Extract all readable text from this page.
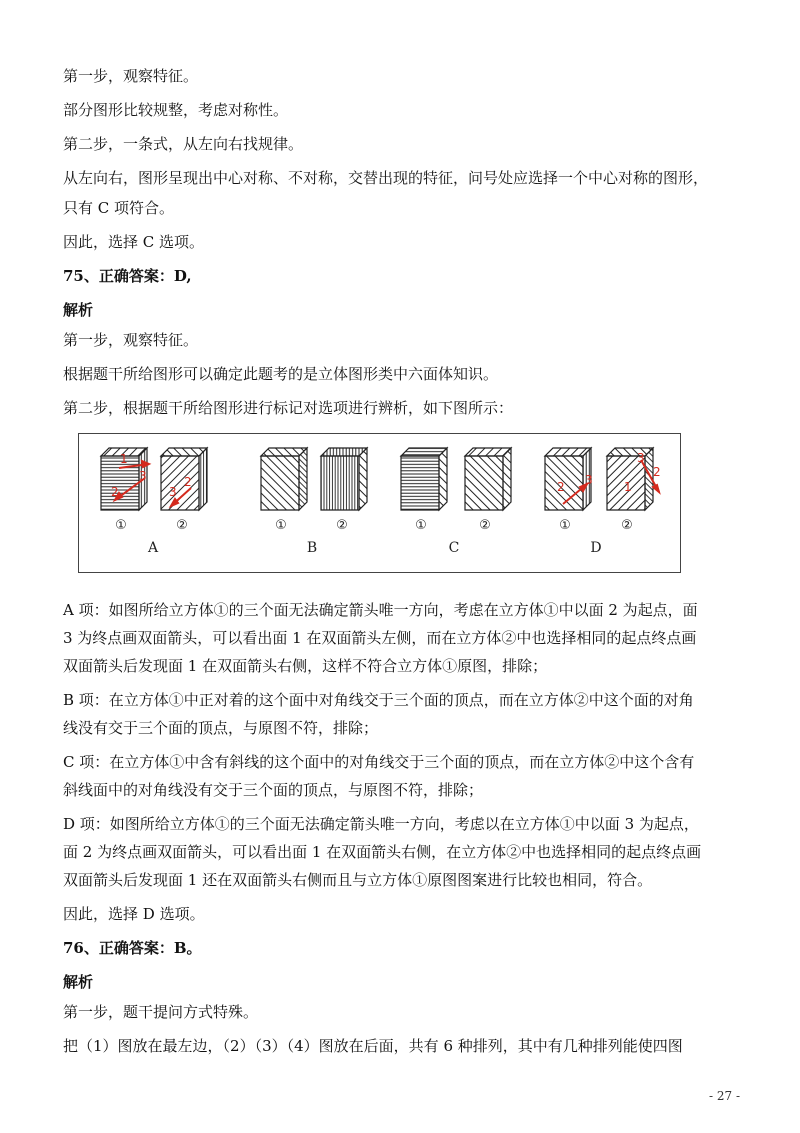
第一步，观察特征。
部分图形比较规整，考虑对称性。
第二步，一条式，从左向右找规律。
从左向右，图形呈现出中心对称、不对称，交替出现的特征，问号处应选择一个中心对称的图形，
只有 C 项符合。
因此，选择 C 选项。
75、正确答案：D,
解析
第一步，观察特征。
根据题干所给图形可以确定此题考的是立体图形类中六面体知识。
第二步，根据题干所给图形进行标记对选项进行辨析，如下图所示：
1
2
3	2
3	2 3
3
1
2
①	②	①	②	①	②	①	②
A	B	C	D
A 项：如图所给立方体①的三个面无法确定箭头唯一方向，考虑在立方体①中以面 2 为起点，面
3 为终点画双面箭头，可以看出面 1 在双面箭头左侧，而在立方体②中也选择相同的起点终点画
双面箭头后发现面 1 在双面箭头右侧，这样不符合立方体①原图，排除；
B 项：在立方体①中正对着的这个面中对角线交于三个面的顶点，而在立方体②中这个面的对角
线没有交于三个面的顶点，与原图不符，排除；
C 项：在立方体①中含有斜线的这个面中的对角线交于三个面的顶点，而在立方体②中这个含有
斜线面中的对角线没有交于三个面的顶点，与原图不符，排除；
D 项：如图所给立方体①的三个面无法确定箭头唯一方向，考虑以在立方体①中以面 3 为起点，
面 2 为终点画双面箭头，可以看出面 1 在双面箭头右侧，在立方体②中也选择相同的起点终点画
双面箭头后发现面 1 还在双面箭头右侧而且与立方体①原图图案进行比较也相同，符合。
因此，选择 D 选项。
76、正确答案：B。
解析
第一步，题干提问方式特殊。
把（1）图放在最左边，（2）（3）（4）图放在后面，共有 6 种排列，其中有几种排列能使四图
- 27 -
